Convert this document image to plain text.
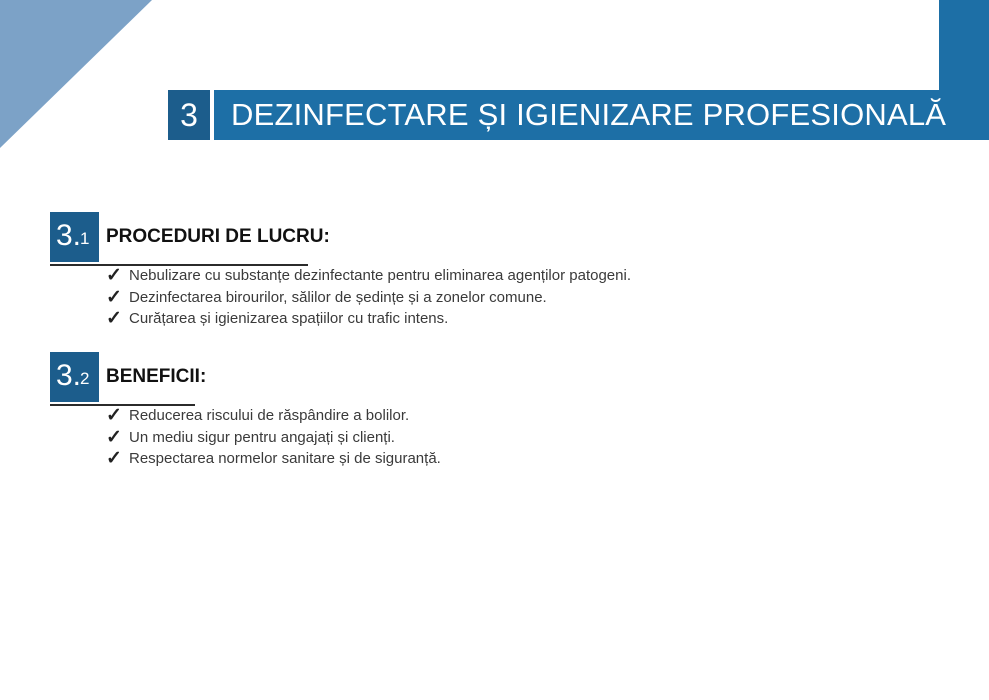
3	DEZINFECTARE ȘI IGIENIZARE PROFESIONALĂ
3.
1 PROCEDURI DE LUCRU:
✓ Nebulizare cu substanțe dezinfectante pentru eliminarea agenților patogeni.
✓ Dezinfectarea birourilor, sălilor de ședințe și a zonelor comune.
✓ Curățarea și igienizarea spațiilor cu trafic intens.
3.
2 BENEFICII:
✓ Reducerea riscului de răspândire a bolilor.
✓ Un mediu sigur pentru angajați și clienți.
✓ Respectarea normelor sanitare și de siguranță.
